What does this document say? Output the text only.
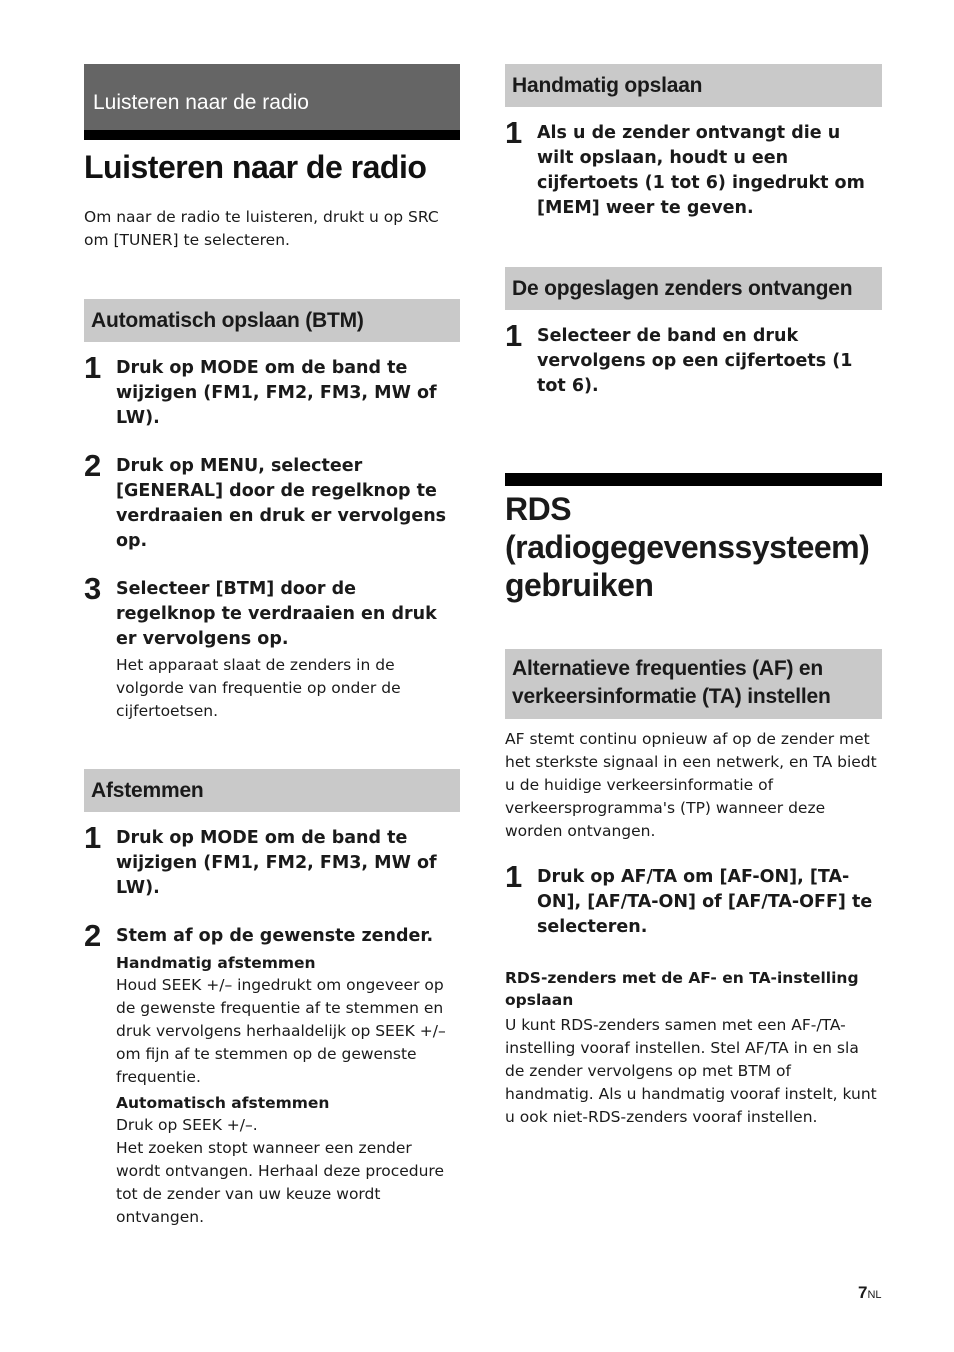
Luisteren naar de radio
Luisteren naar de radio

Om naar de radio te luisteren, drukt u op SRC om [TUNER] te selecteren.

Automatisch opslaan (BTM)
1 Druk op MODE om de band te wijzigen (FM1, FM2, FM3, MW of LW).

2 Druk op MENU, selecteer [GENERAL] door de regelknop te verdraaien en druk er vervolgens op.

3 Selecteer [BTM] door de regelknop te verdraaien en druk er vervolgens op.

Het apparaat slaat de zenders in de volgorde van frequentie op onder de cijfertoetsen.

Afstemmen
1 Druk op MODE om de band te wijzigen (FM1, FM2, FM3, MW of LW).

2 Stem af op de gewenste zender.

Handmatig afstemmen

Houd SEEK +/– ingedrukt om ongeveer op de gewenste frequentie af te stemmen en druk vervolgens herhaaldelijk op SEEK +/– om fijn af te stemmen op de gewenste frequentie.

Automatisch afstemmen

Druk op SEEK +/–.

Het zoeken stopt wanneer een zender wordt ontvangen. Herhaal deze procedure tot de zender van uw keuze wordt ontvangen.

Handmatig opslaan
1 Als u de zender ontvangt die u wilt opslaan, houdt u een cijfertoets (1 tot 6) ingedrukt om [MEM] weer te geven.

De opgeslagen zenders ontvangen
1 Selecteer de band en druk vervolgens op een cijfertoets (1 tot 6).

RDS
(radiogegevenssysteem)
gebruiken
Alternatieve frequenties (AF) en
verkeersinformatie (TA) instellen

AF stemt continu opnieuw af op de zender met het sterkste signaal in een netwerk, en TA biedt u de huidige verkeersinformatie of verkeersprogramma's (TP) wanneer deze worden ontvangen.

1 Druk op AF/TA om [AF-ON], [TA-ON], [AF/TA-ON] of [AF/TA-OFF] te selecteren.

RDS-zenders met de AF- en TA-instelling opslaan

U kunt RDS-zenders samen met een AF-/TA-instelling vooraf instellen. Stel AF/TA in en sla de zender vervolgens op met BTM of handmatig. Als u handmatig vooraf instelt, kunt u ook niet-RDS-zenders vooraf instellen.

7NL
